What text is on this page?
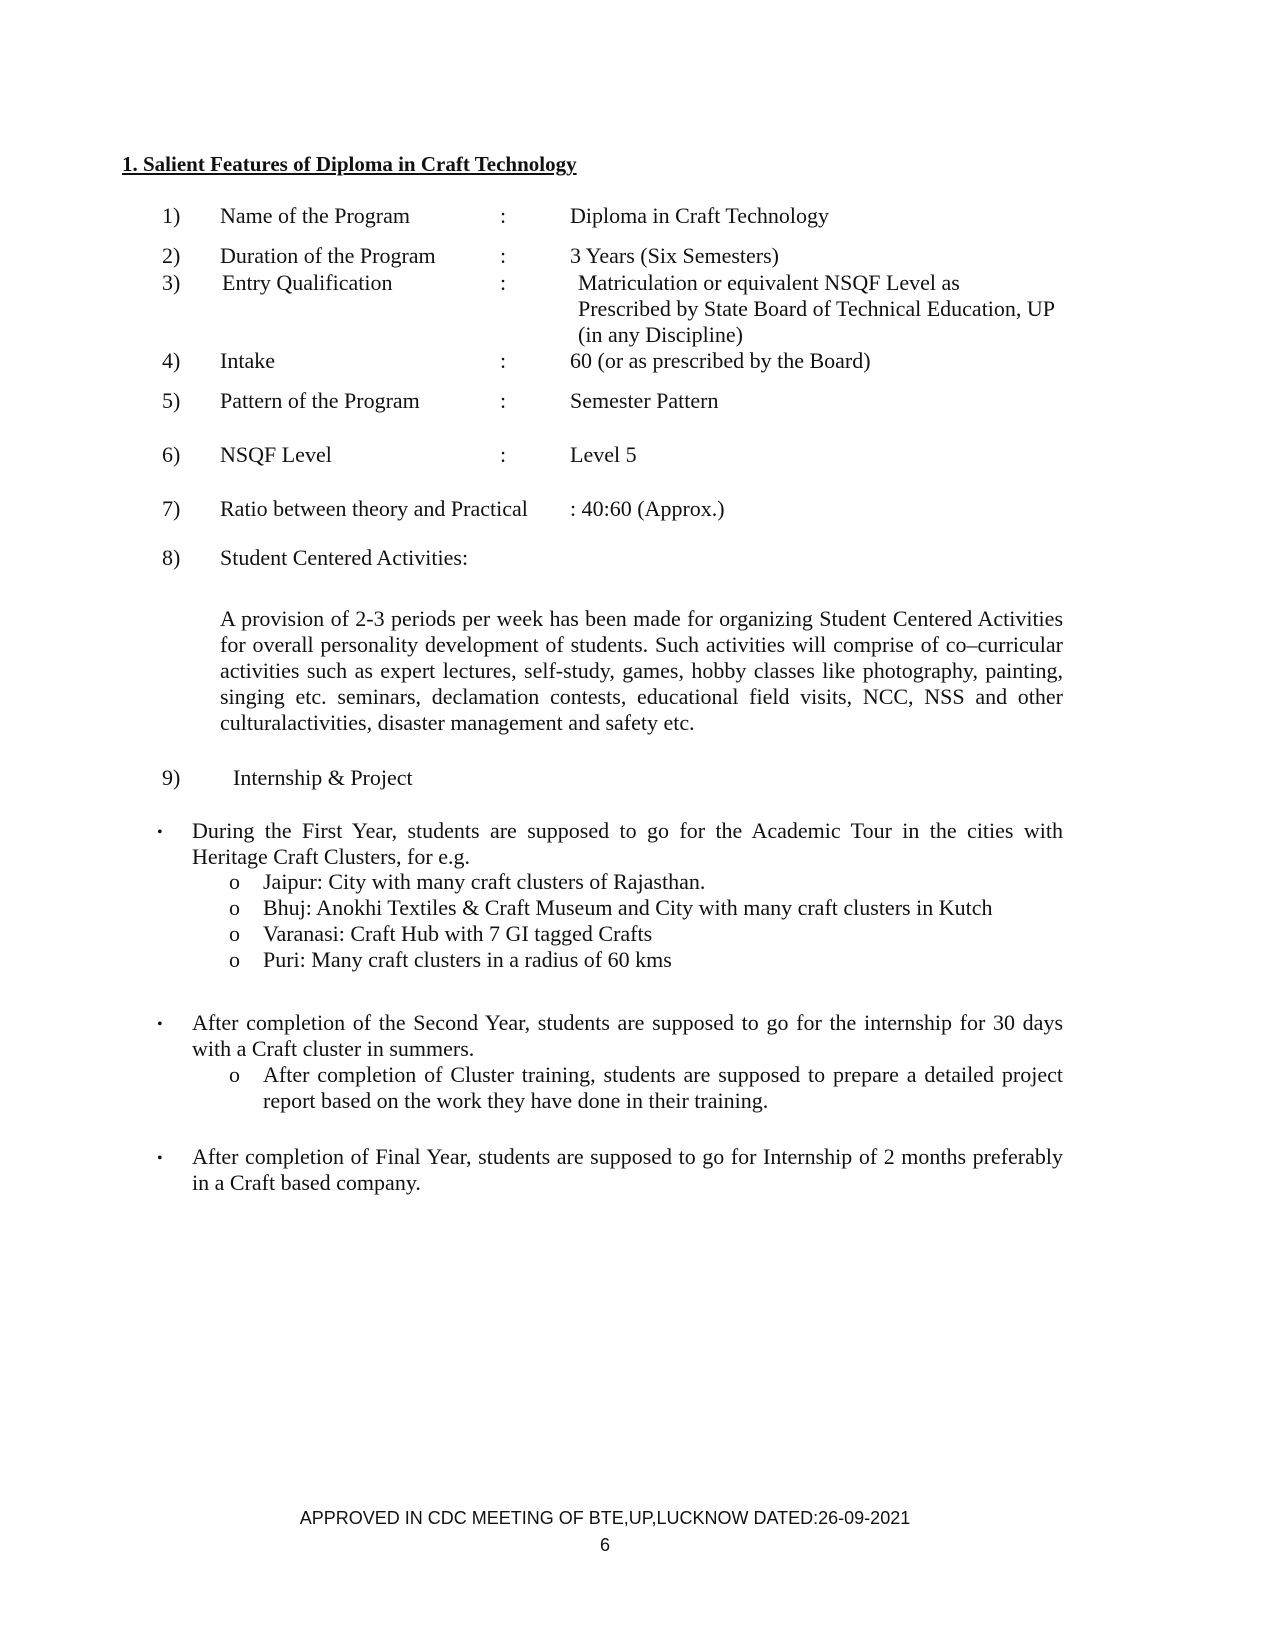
1. Salient Features of Diploma in Craft Technology
1) Name of the Program	:	Diploma in Craft Technology
2) Duration of the Program	:	3 Years (Six Semesters)
3) Entry Qualification	:	Matriculation or equivalent NSQF Level as
Prescribed by State Board of Technical Education, UP
(in any Discipline)
4) Intake	:	60 (or as prescribed by the Board)
5) Pattern of the Program	:	Semester Pattern
6) NSQF Level	:	Level 5
7) Ratio between theory and Practical : 40:60 (Approx.)
8) Student Centered Activities:
A provision of 2-3 periods per week has been made for organizing Student Centered Activities for overall personality development of students. Such activities will comprise of co–curricular activities such as expert lectures, self-study, games, hobby classes like photography, painting, singing etc. seminars, declamation contests, educational field visits, NCC, NSS and other culturalactivities, disaster management and safety etc.
9) Internship & Project
• During the First Year, students are supposed to go for the Academic Tour in the cities with Heritage Craft Clusters, for e.g.
o Jaipur: City with many craft clusters of Rajasthan.
o Bhuj: Anokhi Textiles & Craft Museum and City with many craft clusters in Kutch
o Varanasi: Craft Hub with 7 GI tagged Crafts
o Puri: Many craft clusters in a radius of 60 kms
• After completion of the Second Year, students are supposed to go for the internship for 30 days with a Craft cluster in summers.
o After completion of Cluster training, students are supposed to prepare a detailed project report based on the work they have done in their training.
• After completion of Final Year, students are supposed to go for Internship of 2 months preferably in a Craft based company.
APPROVED IN CDC MEETING OF BTE,UP,LUCKNOW DATED:26-09-2021
6
